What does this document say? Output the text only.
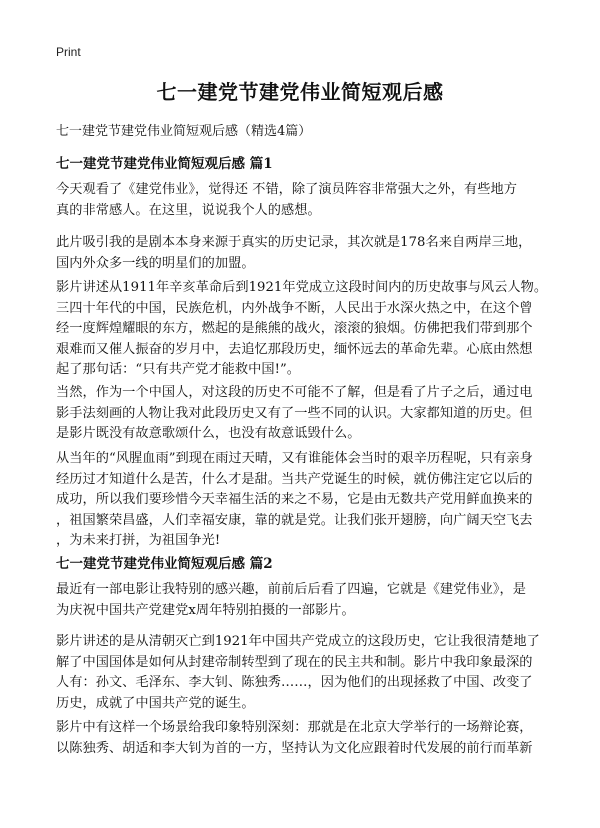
Print
七一建党节建党伟业简短观后感
七一建党节建党伟业简短观后感（精选4篇）
七一建党节建党伟业简短观后感 篇1
今天观看了《建党伟业》，觉得还 不错，除了演员阵容非常强大之外，有些地方
真的非常感人。在这里，说说我个人的感想。
此片吸引我的是剧本本身来源于真实的历史记录，其次就是178名来自两岸三地，
国内外众多一线的明星们的加盟。
影片讲述从1911年辛亥革命后到1921年党成立这段时间内的历史故事与风云人物。
三四十年代的中国，民族危机，内外战争不断，人民出于水深火热之中，在这个曾
经一度辉煌耀眼的东方，燃起的是熊熊的战火，滚滚的狼烟。仿佛把我们带到那个
艰难而又催人振奋的岁月中，去追忆那段历史，缅怀远去的革命先辈。心底由然想
起了那句话：“只有共产党才能救中国!”。
当然，作为一个中国人，对这段的历史不可能不了解，但是看了片子之后，通过电
影手法刻画的人物让我对此段历史又有了一些不同的认识。大家都知道的历史。但
是影片既没有故意歌颂什么，也没有故意诋毁什么。
从当年的“风腥血雨”到现在雨过天晴，又有谁能体会当时的艰辛历程呢，只有亲身
经历过才知道什么是苦，什么才是甜。当共产党诞生的时候，就仿佛注定它以后的
成功，所以我们要珍惜今天幸福生活的来之不易，它是由无数共产党用鲜血换来的
，祖国繁荣昌盛，人们幸福安康，靠的就是党。让我们张开翅膀，向广阔天空飞去
，为未来打拼，为祖国争光!
七一建党节建党伟业简短观后感 篇2
最近有一部电影让我特别的感兴趣，前前后后看了四遍，它就是《建党伟业》，是
为庆祝中国共产党建党x周年特别拍摄的一部影片。
影片讲述的是从清朝灭亡到1921年中国共产党成立的这段历史，它让我很清楚地了
解了中国国体是如何从封建帝制转型到了现在的民主共和制。影片中我印象最深的
人有：孙文、毛泽东、李大钊、陈独秀……，因为他们的出现拯救了中国、改变了
历史，成就了中国共产党的诞生。
影片中有这样一个场景给我印象特别深刻：那就是在北京大学举行的一场辩论赛，
以陈独秀、胡适和李大钊为首的一方，坚持认为文化应跟着时代发展的前行而革新
